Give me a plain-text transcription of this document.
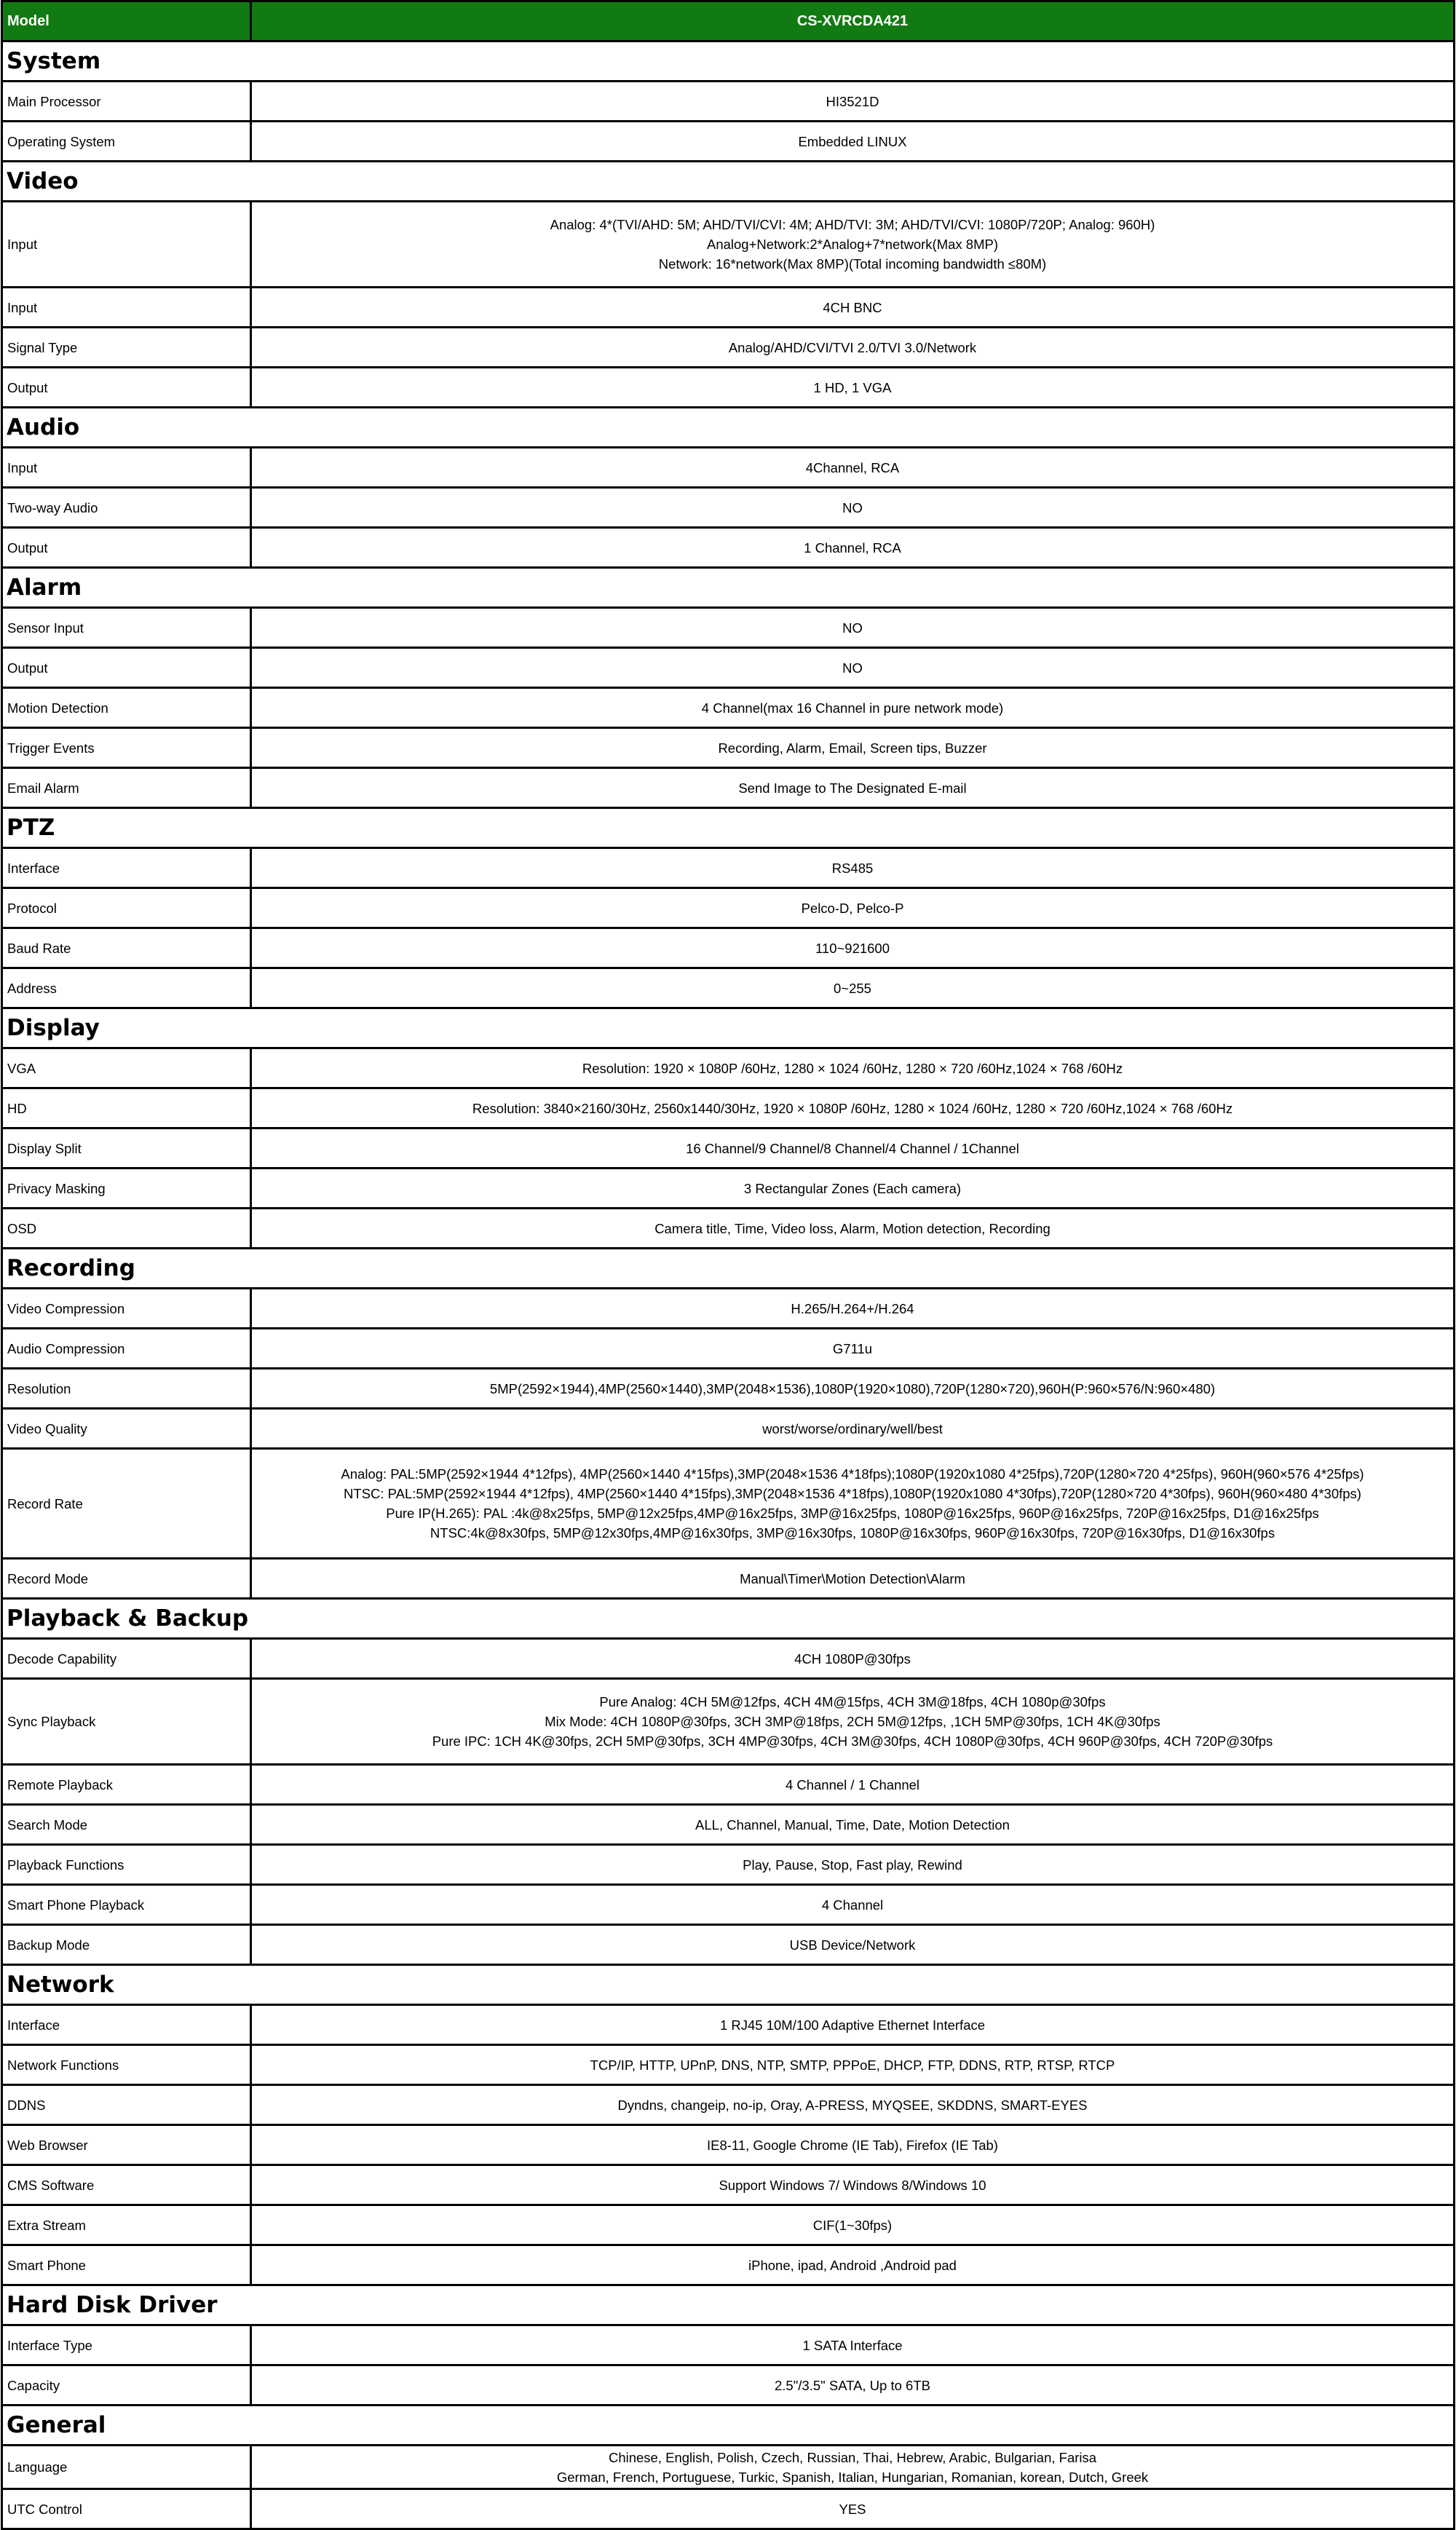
Model	CS-XVRCDA421
System	
Main Processor	HI3521D

Operating System	Embedded LINUX

Video	
Input	Analog: 4*(TVI/AHD: 5M; AHD/TVI/CVI: 4M; AHD/TVI: 3M; AHD/TVI/CVI: 1080P/720P; Analog: 960H)
Analog+Network:2*Analog+7*network(Max 8MP)
Network: 16*network(Max 8MP)(Total incoming bandwidth ≤80M)

Input	4CH BNC

Signal Type	Analog/AHD/CVI/TVI 2.0/TVI 3.0/Network

Output	1 HD, 1 VGA

Audio	
Input	4Channel, RCA

Two-way Audio	NO

Output	1 Channel, RCA

Alarm	
Sensor Input	NO

Output	NO

Motion Detection	4 Channel(max 16 Channel in pure network mode)

Trigger Events	Recording, Alarm, Email, Screen tips, Buzzer

Email Alarm	Send Image to The Designated E-mail

PTZ	
Interface	RS485

Protocol	Pelco-D, Pelco-P

Baud Rate	110~921600

Address	0~255

Display	
VGA	Resolution: 1920 × 1080P /60Hz, 1280 × 1024 /60Hz, 1280 × 720 /60Hz,1024 × 768 /60Hz

HD	Resolution: 3840×2160/30Hz, 2560x1440/30Hz, 1920 × 1080P /60Hz, 1280 × 1024 /60Hz, 1280 × 720 /60Hz,1024 × 768 /60Hz

Display Split	16 Channel/9 Channel/8 Channel/4 Channel / 1Channel

Privacy Masking	3 Rectangular Zones (Each camera)

OSD	Camera title, Time, Video loss, Alarm, Motion detection, Recording

Recording	
Video Compression	H.265/H.264+/H.264

Audio Compression	G711u

Resolution	5MP(2592×1944),4MP(2560×1440),3MP(2048×1536),1080P(1920×1080),720P(1280×720),960H(P:960×576/N:960×480)

Video Quality	worst/worse/ordinary/well/best

Record Rate	Analog: PAL:5MP(2592×1944 4*12fps), 4MP(2560×1440 4*15fps),3MP(2048×1536 4*18fps);1080P(1920x1080 4*25fps),720P(1280×720 4*25fps), 960H(960×576 4*25fps)
NTSC: PAL:5MP(2592×1944 4*12fps), 4MP(2560×1440 4*15fps),3MP(2048×1536 4*18fps),1080P(1920x1080 4*30fps),720P(1280×720 4*30fps), 960H(960×480 4*30fps)
Pure IP(H.265): PAL :4k@8x25fps, 5MP@12x25fps,4MP@16x25fps, 3MP@16x25fps, 1080P@16x25fps, 960P@16x25fps, 720P@16x25fps, D1@16x25fps
NTSC:4k@8x30fps, 5MP@12x30fps,4MP@16x30fps, 3MP@16x30fps, 1080P@16x30fps, 960P@16x30fps, 720P@16x30fps, D1@16x30fps

Record Mode	Manual\Timer\Motion Detection\Alarm

Playback & Backup	
Decode Capability	4CH 1080P@30fps

Sync Playback	Pure Analog: 4CH 5M@12fps, 4CH 4M@15fps, 4CH 3M@18fps, 4CH 1080p@30fps
Mix Mode: 4CH 1080P@30fps, 3CH 3MP@18fps, 2CH 5M@12fps, ,1CH 5MP@30fps, 1CH 4K@30fps
Pure IPC: 1CH 4K@30fps, 2CH 5MP@30fps, 3CH 4MP@30fps, 4CH 3M@30fps, 4CH 1080P@30fps, 4CH 960P@30fps, 4CH 720P@30fps

Remote Playback	4 Channel / 1 Channel

Search Mode	ALL, Channel, Manual, Time, Date, Motion Detection

Playback Functions	Play, Pause, Stop, Fast play, Rewind

Smart Phone Playback	4 Channel

Backup Mode	USB Device/Network

Network	
Interface	1 RJ45 10M/100 Adaptive Ethernet Interface

Network Functions	TCP/IP, HTTP, UPnP, DNS, NTP, SMTP, PPPoE, DHCP, FTP, DDNS, RTP, RTSP, RTCP

DDNS	Dyndns, changeip, no-ip, Oray, A-PRESS, MYQSEE, SKDDNS, SMART-EYES

Web Browser	IE8-11, Google Chrome (IE Tab), Firefox (IE Tab)

CMS Software	Support Windows 7/ Windows 8/Windows 10

Extra Stream	CIF(1~30fps)

Smart Phone	iPhone, ipad, Android ,Android pad

Hard Disk Driver	
Interface Type	1 SATA Interface

Capacity	2.5"/3.5" SATA, Up to 6TB

General	
Language	Chinese, English, Polish, Czech, Russian, Thai, Hebrew, Arabic, Bulgarian, Farisa
German, French, Portuguese, Turkic, Spanish, Italian, Hungarian, Romanian, korean, Dutch, Greek

UTC Control	YES
